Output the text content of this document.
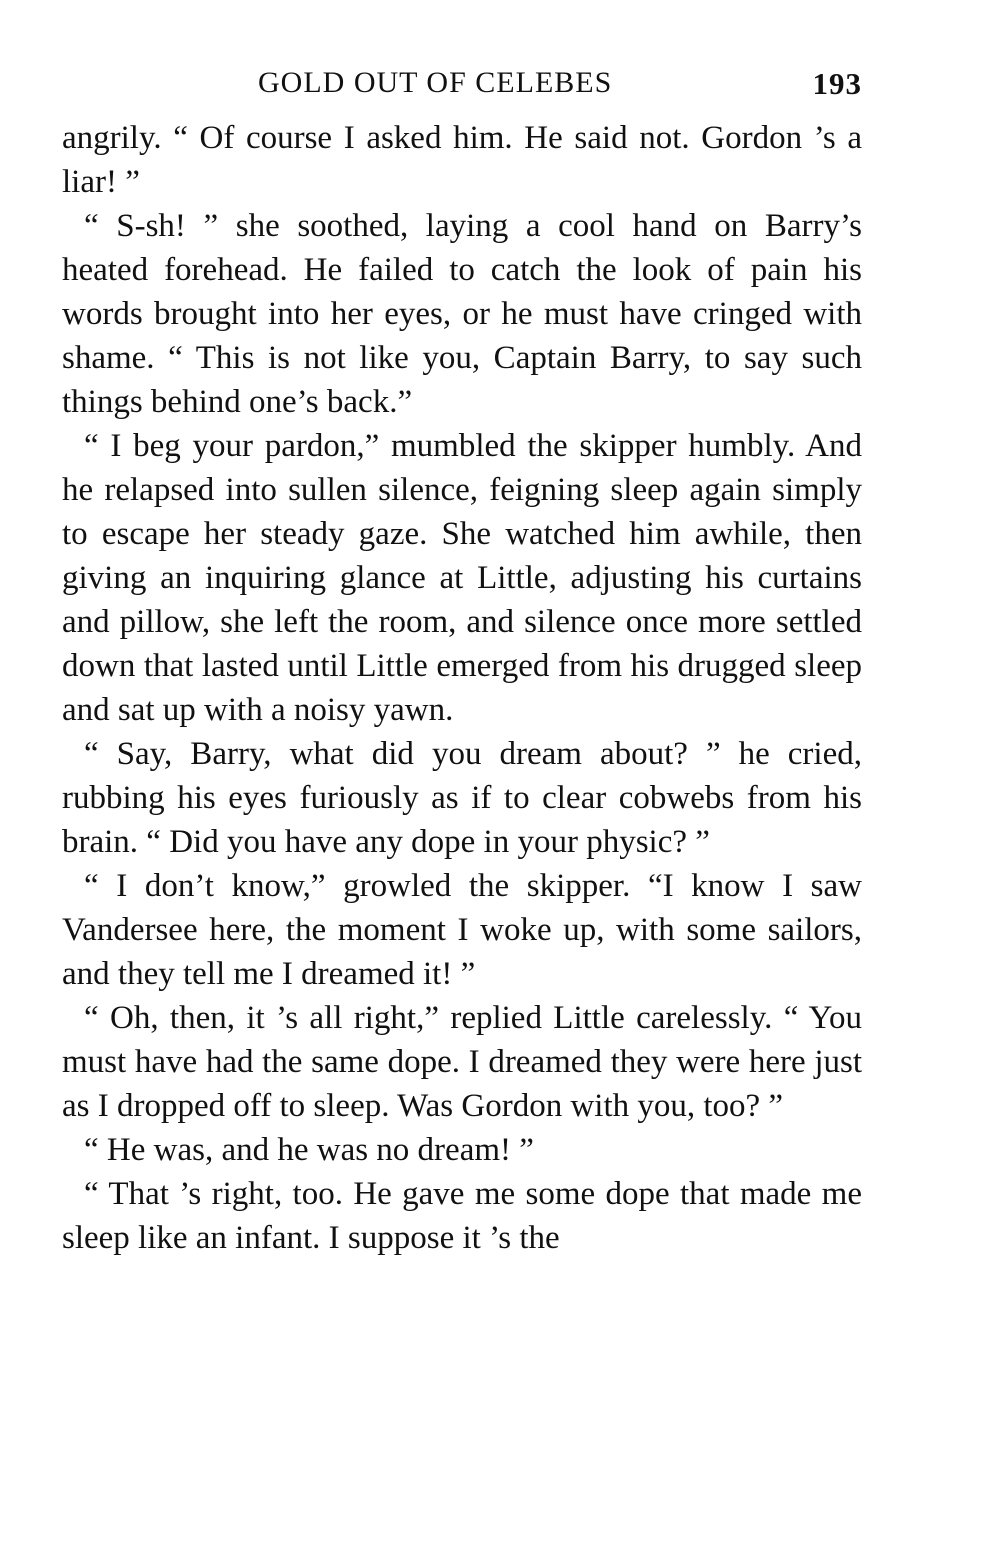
GOLD OUT OF CELEBES	193

angrily. “ Of course I asked him. He said not. Gordon ’s a liar! ”

“ S-sh! ” she soothed, laying a cool hand on Barry’s heated forehead. He failed to catch the look of pain his words brought into her eyes, or he must have cringed with shame. “ This is not like you, Captain Barry, to say such things behind one’s back.”

“ I beg your pardon,” mumbled the skipper humbly. And he relapsed into sullen silence, feigning sleep again simply to escape her steady gaze. She watched him awhile, then giving an inquiring glance at Little, adjusting his curtains and pillow, she left the room, and silence once more settled down that lasted until Little emerged from his drugged sleep and sat up with a noisy yawn.

“ Say, Barry, what did you dream about? ” he cried, rubbing his eyes furiously as if to clear cobwebs from his brain. “ Did you have any dope in your physic? ”

“ I don’t know,” growled the skipper. “I know I saw Vandersee here, the moment I woke up, with some sailors, and they tell me I dreamed it! ”

“ Oh, then, it ’s all right,” replied Little carelessly. “ You must have had the same dope. I dreamed they were here just as I dropped off to sleep. Was Gordon with you, too? ”

“ He was, and he was no dream! ”

“ That ’s right, too. He gave me some dope that made me sleep like an infant. I suppose it ’s the
